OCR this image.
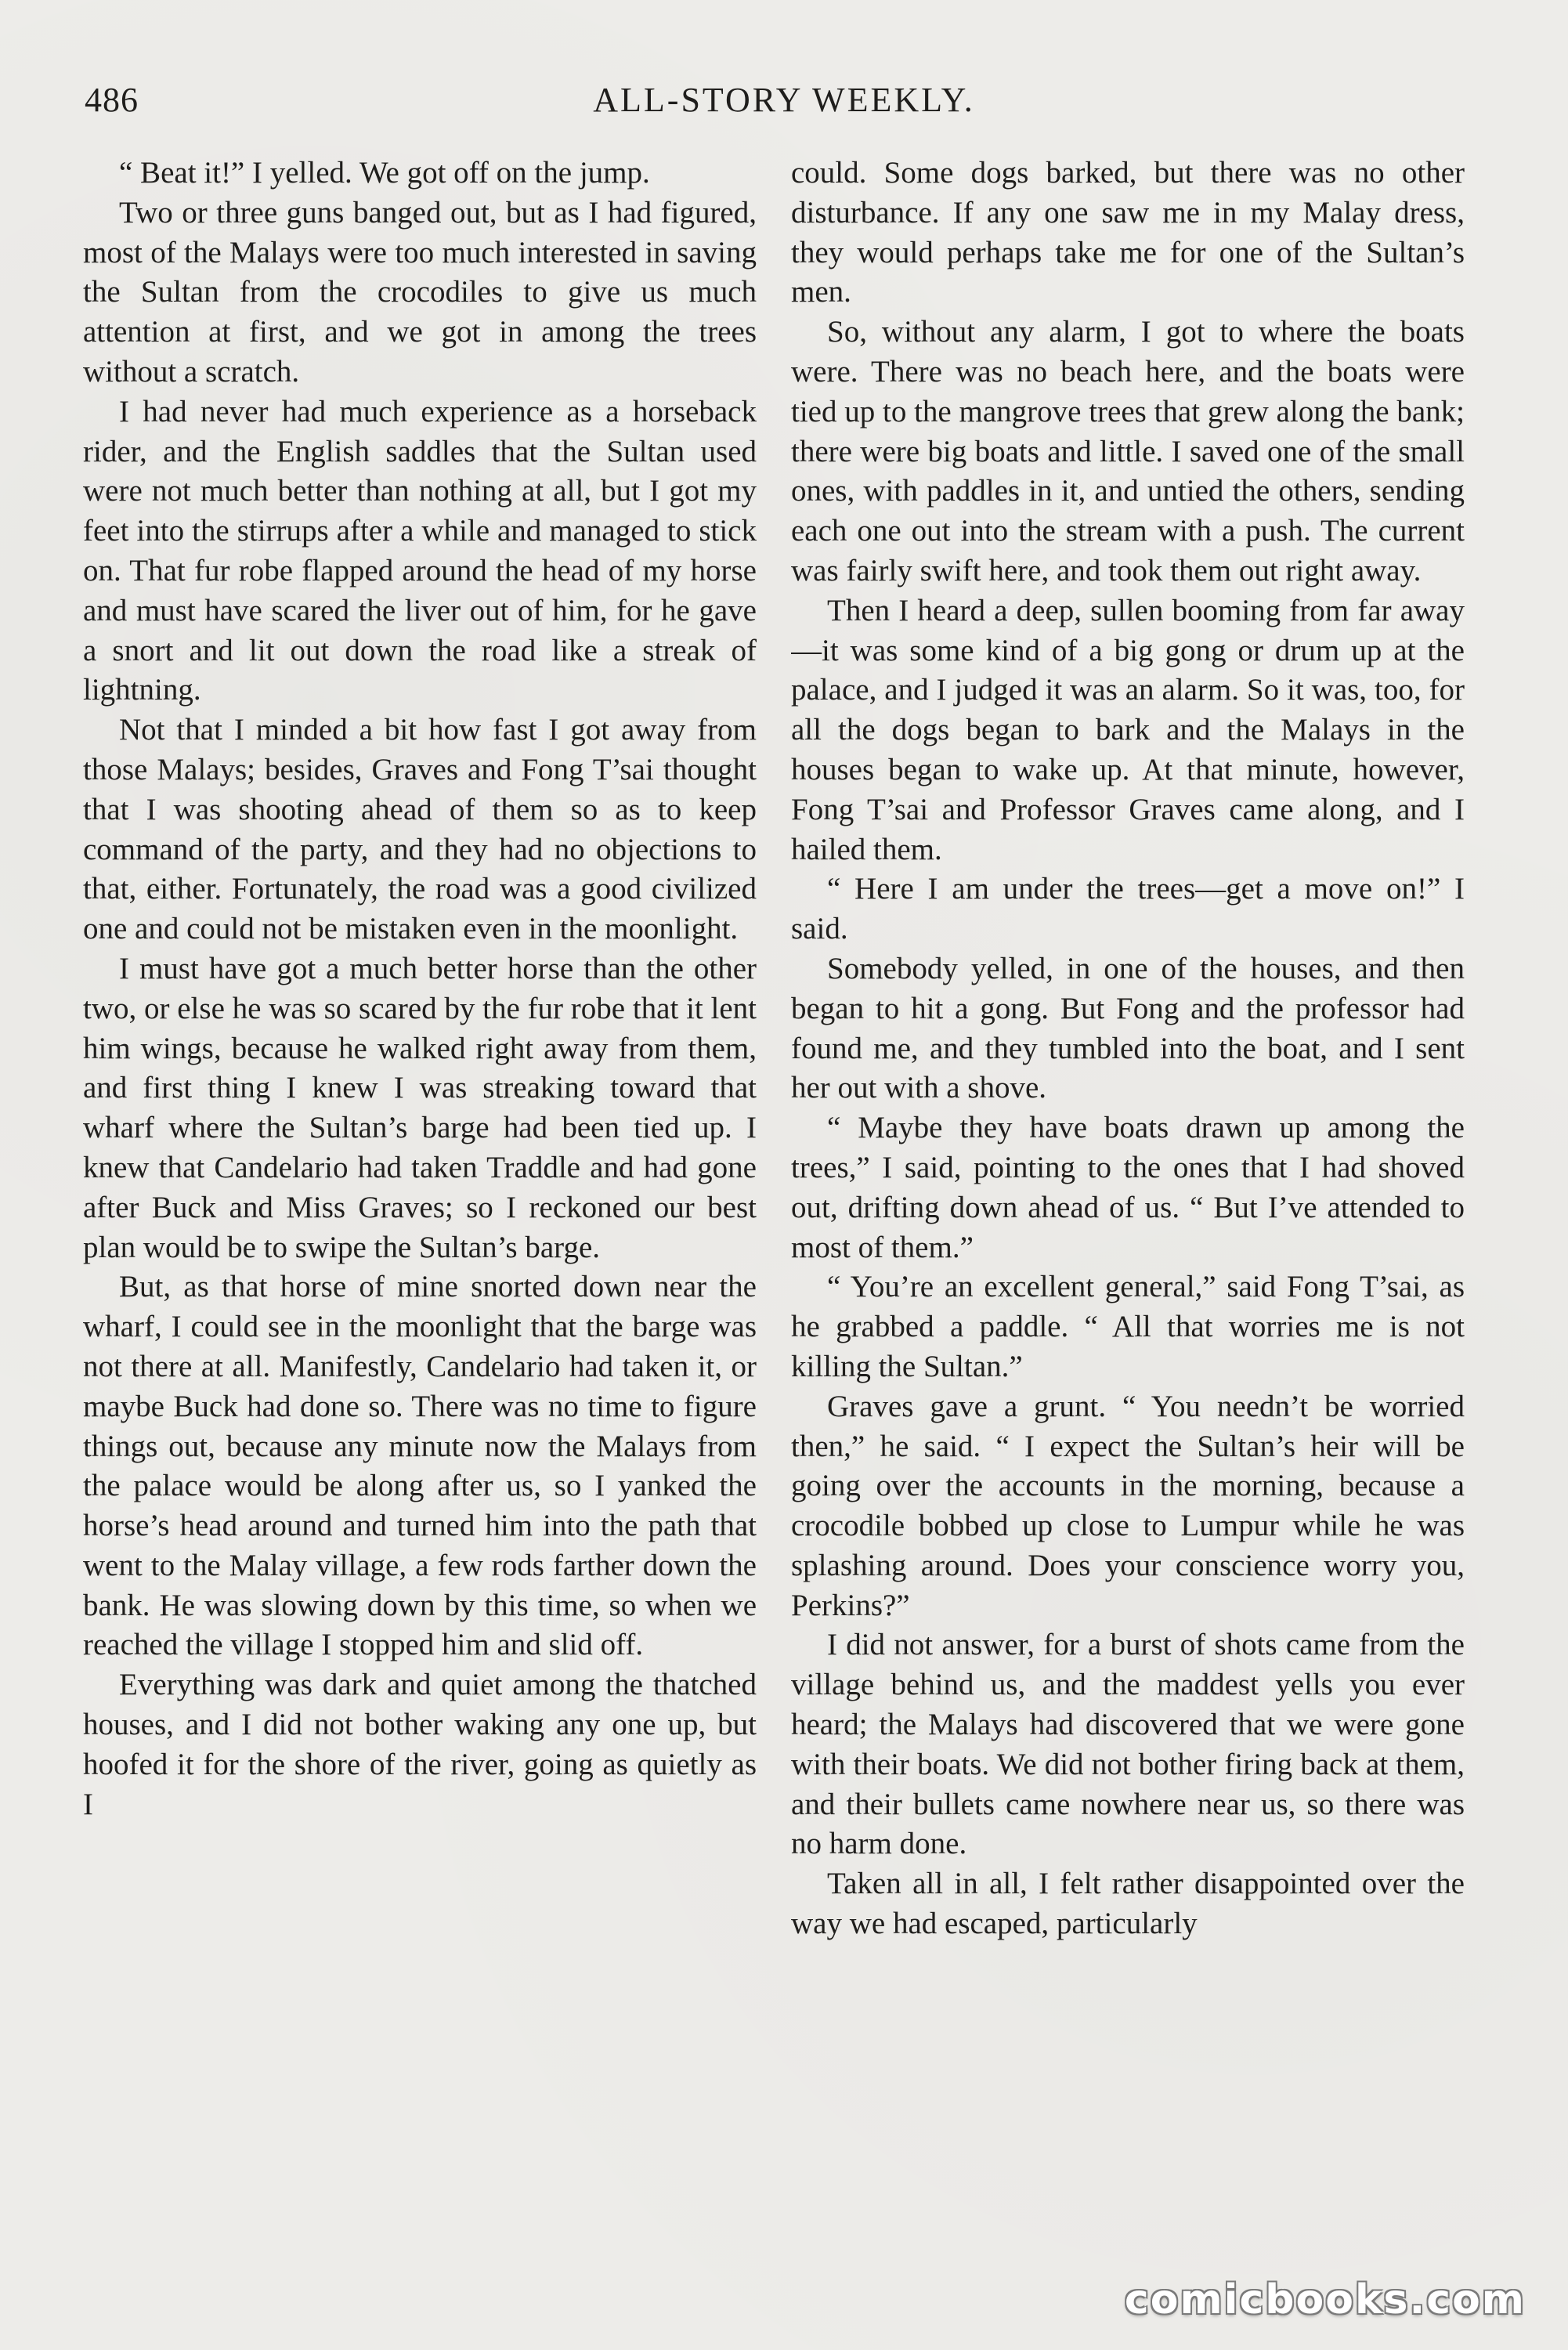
486	ALL-STORY WEEKLY.

“ Beat it!” I yelled. We got off on the jump.

Two or three guns banged out, but as I had figured, most of the Malays were too much interested in saving the Sultan from the crocodiles to give us much attention at first, and we got in among the trees without a scratch.

I had never had much experience as a horseback rider, and the English saddles that the Sultan used were not much better than nothing at all, but I got my feet into the stirrups after a while and managed to stick on. That fur robe flapped around the head of my horse and must have scared the liver out of him, for he gave a snort and lit out down the road like a streak of lightning.

Not that I minded a bit how fast I got away from those Malays; besides, Graves and Fong T’sai thought that I was shooting ahead of them so as to keep command of the party, and they had no objections to that, either. Fortunately, the road was a good civilized one and could not be mistaken even in the moonlight.

I must have got a much better horse than the other two, or else he was so scared by the fur robe that it lent him wings, because he walked right away from them, and first thing I knew I was streaking toward that wharf where the Sultan’s barge had been tied up. I knew that Candelario had taken Traddle and had gone after Buck and Miss Graves; so I reckoned our best plan would be to swipe the Sultan’s barge.

But, as that horse of mine snorted down near the wharf, I could see in the moonlight that the barge was not there at all. Manifestly, Candelario had taken it, or maybe Buck had done so. There was no time to figure things out, because any minute now the Malays from the palace would be along after us, so I yanked the horse’s head around and turned him into the path that went to the Malay village, a few rods farther down the bank. He was slowing down by this time, so when we reached the village I stopped him and slid off.

Everything was dark and quiet among the thatched houses, and I did not bother waking any one up, but hoofed it for the shore of the river, going as quietly as I

could. Some dogs barked, but there was no other disturbance. If any one saw me in my Malay dress, they would perhaps take me for one of the Sultan’s men.

So, without any alarm, I got to where the boats were. There was no beach here, and the boats were tied up to the mangrove trees that grew along the bank; there were big boats and little. I saved one of the small ones, with paddles in it, and untied the others, sending each one out into the stream with a push. The current was fairly swift here, and took them out right away.

Then I heard a deep, sullen booming from far away—it was some kind of a big gong or drum up at the palace, and I judged it was an alarm. So it was, too, for all the dogs began to bark and the Malays in the houses began to wake up. At that minute, however, Fong T’sai and Professor Graves came along, and I hailed them.

“ Here I am under the trees—get a move on!” I said.

Somebody yelled, in one of the houses, and then began to hit a gong. But Fong and the professor had found me, and they tumbled into the boat, and I sent her out with a shove.

“ Maybe they have boats drawn up among the trees,” I said, pointing to the ones that I had shoved out, drifting down ahead of us. “ But I’ve attended to most of them.”

“ You’re an excellent general,” said Fong T’sai, as he grabbed a paddle. “ All that worries me is not killing the Sultan.”

Graves gave a grunt. “ You needn’t be worried then,” he said. “ I expect the Sultan’s heir will be going over the accounts in the morning, because a crocodile bobbed up close to Lumpur while he was splashing around. Does your conscience worry you, Perkins?”

I did not answer, for a burst of shots came from the village behind us, and the maddest yells you ever heard; the Malays had discovered that we were gone with their boats. We did not bother firing back at them, and their bullets came nowhere near us, so there was no harm done.

Taken all in all, I felt rather disappointed over the way we had escaped, particularly

comicbooks.com
